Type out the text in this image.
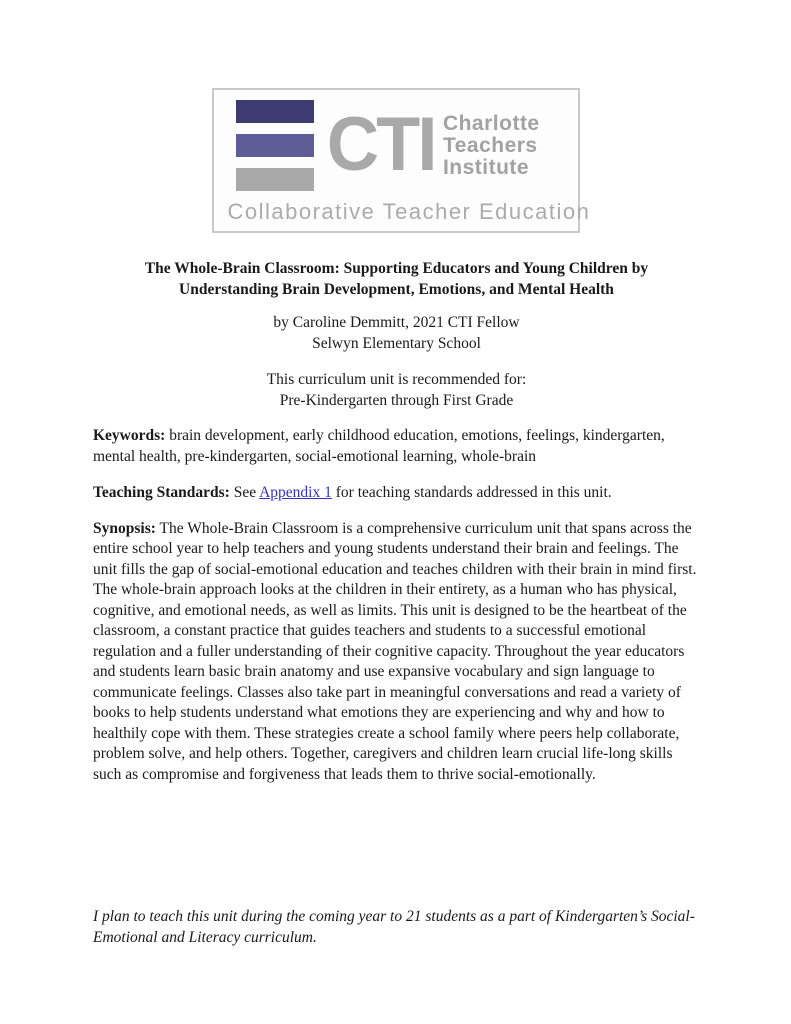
CTI Charlotte
Teachers
Institute
Collaborative Teacher Education
The Whole-Brain Classroom: Supporting Educators and Young Children by
Understanding Brain Development, Emotions, and Mental Health
by Caroline Demmitt, 2021 CTI Fellow
Selwyn Elementary School
This curriculum unit is recommended for:
Pre-Kindergarten through First Grade

Keywords: brain development, early childhood education, emotions, feelings, kindergarten, mental health, pre-kindergarten, social-emotional learning, whole-brain

Teaching Standards: See Appendix 1 for teaching standards addressed in this unit.

Synopsis: The Whole-Brain Classroom is a comprehensive curriculum unit that spans across the entire school year to help teachers and young students understand their brain and feelings. The unit fills the gap of social-emotional education and teaches children with their brain in mind first. The whole-brain approach looks at the children in their entirety, as a human who has physical, cognitive, and emotional needs, as well as limits. This unit is designed to be the heartbeat of the classroom, a constant practice that guides teachers and students to a successful emotional regulation and a fuller understanding of their cognitive capacity. Throughout the year educators and students learn basic brain anatomy and use expansive vocabulary and sign language to communicate feelings. Classes also take part in meaningful conversations and read a variety of books to help students understand what emotions they are experiencing and why and how to healthily cope with them. These strategies create a school family where peers help collaborate, problem solve, and help others. Together, caregivers and children learn crucial life-long skills such as compromise and forgiveness that leads them to thrive social-emotionally.

I plan to teach this unit during the coming year to 21 students as a part of Kindergarten’s Social-Emotional and Literacy curriculum.
